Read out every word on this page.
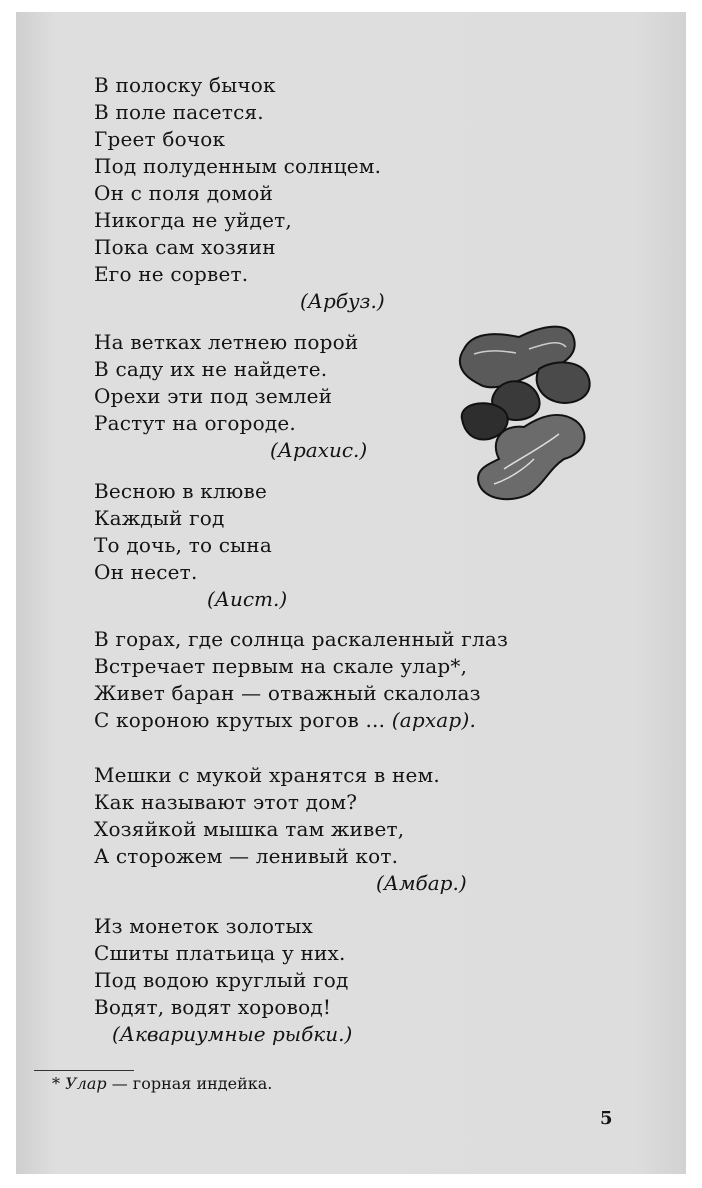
В полоску бычок
В поле пасется.
Греет бочок
Под полуденным солнцем.
Он с поля домой
Никогда не уйдет,
Пока сам хозяин
Его не сорвет.
(Арбуз.)
На ветках летнею порой
В саду их не найдете.
Орехи эти под землей
Растут на огороде.
(Арахис.)
Весною в клюве
Каждый год
То дочь, то сына
Он несет.
(Аист.)
В горах, где солнца раскаленный глаз
Встречает первым на скале улар*,
Живет баран — отважный скалолаз
С короною крутых рогов ... (архар).
Мешки с мукой хранятся в нем.
Как называют этот дом?
Хозяйкой мышка там живет,
А сторожем — ленивый кот.
(Амбар.)
Из монеток золотых
Сшиты платьица у них.
Под водою круглый год
Водят, водят хоровод!
(Аквариумные рыбки.)
* Улар — горная индейка.
5
